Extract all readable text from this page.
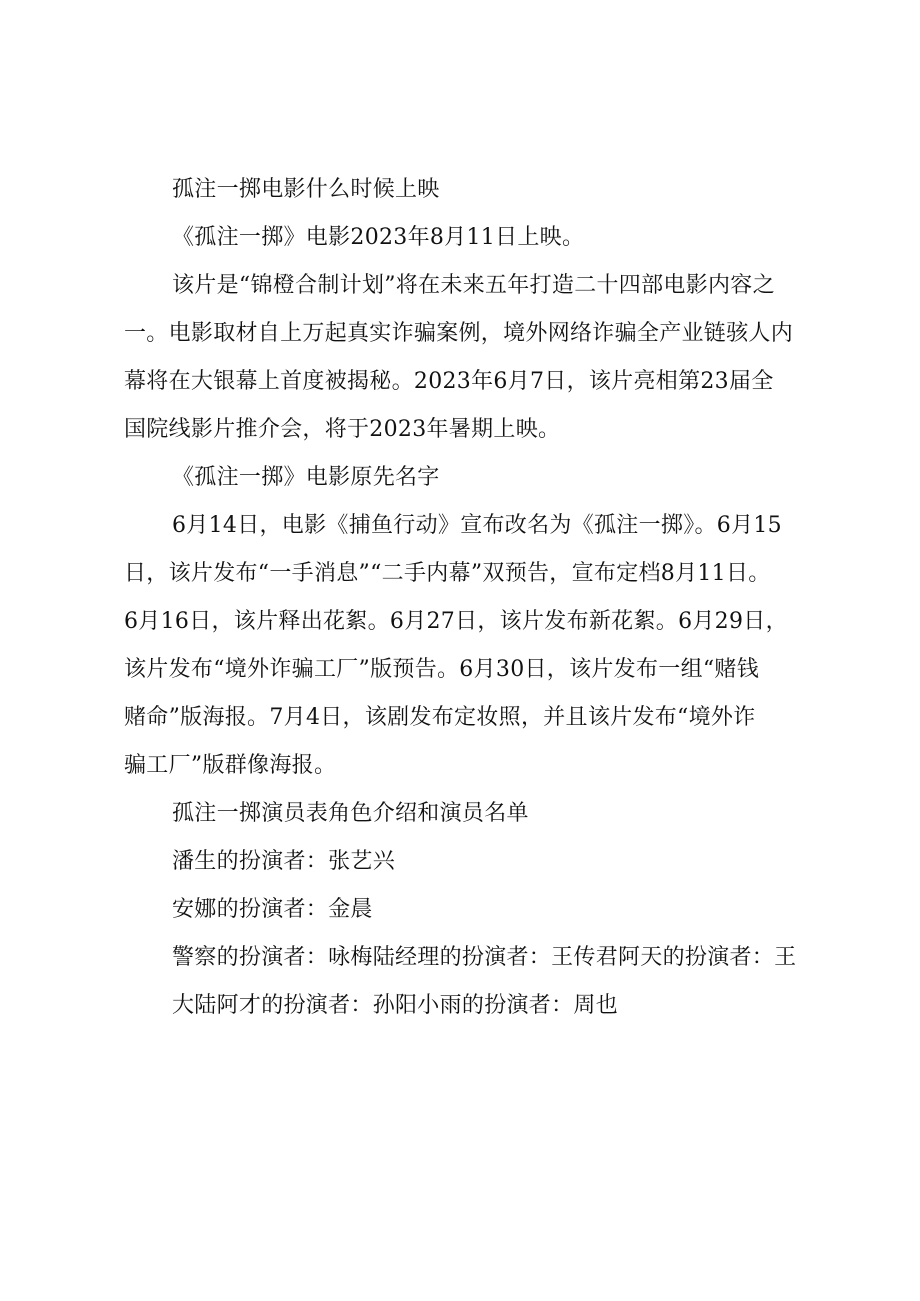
孤注一掷电影什么时候上映
《孤注一掷》电影2023年8月11日上映。
该片是“锦橙合制计划”将在未来五年打造二十四部电影内容之
一。电影取材自上万起真实诈骗案例，境外网络诈骗全产业链骇人内
幕将在大银幕上首度被揭秘。2023年6月7日，该片亮相第23届全
国院线影片推介会，将于2023年暑期上映。
《孤注一掷》电影原先名字
6月14日，电影《捕鱼行动》宣布改名为《孤注一掷》。6月15
日，该片发布“一手消息”“二手内幕”双预告，宣布定档8月11日。
6月16日，该片释出花絮。6月27日，该片发布新花絮。6月29日，
该片发布“境外诈骗工厂”版预告。6月30日，该片发布一组“赌钱
赌命”版海报。7月4日，该剧发布定妆照，并且该片发布“境外诈
骗工厂”版群像海报。
孤注一掷演员表角色介绍和演员名单
潘生的扮演者：张艺兴
安娜的扮演者：金晨
警察的扮演者：咏梅陆经理的扮演者：王传君阿天的扮演者：王
大陆阿才的扮演者：孙阳小雨的扮演者：周也
